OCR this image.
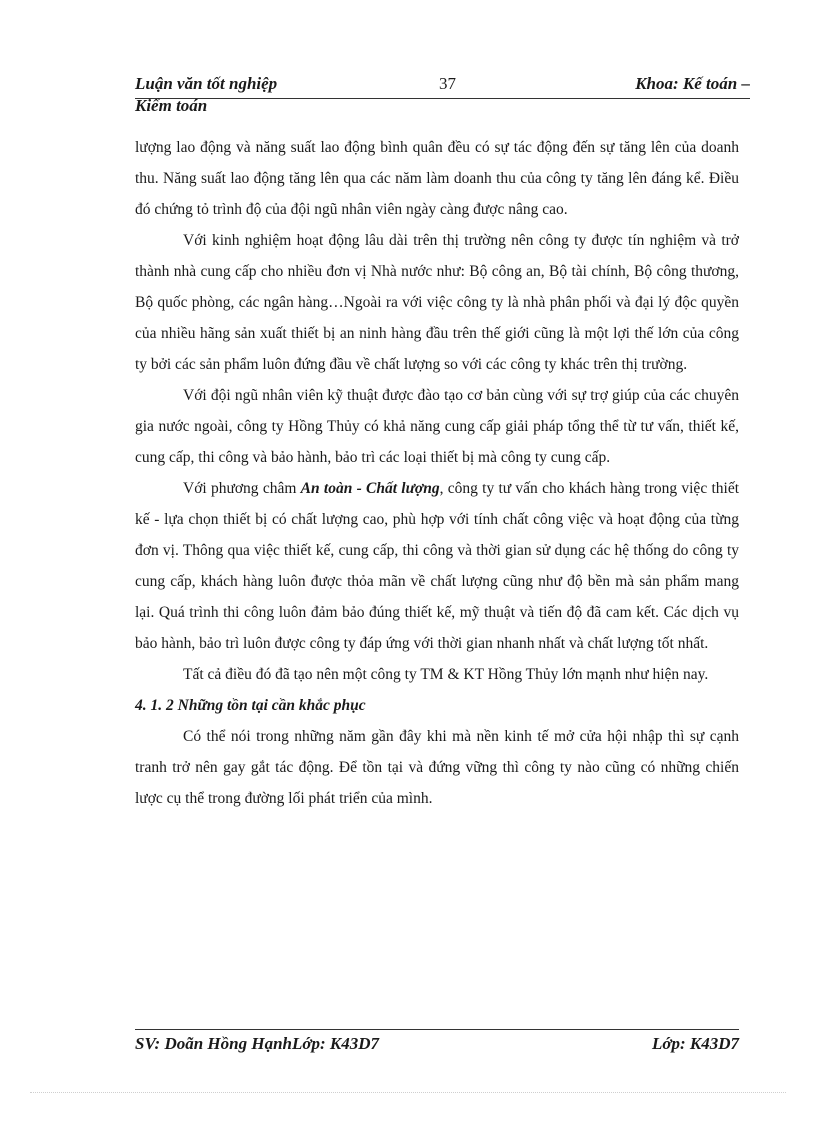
Luận văn tốt nghiệp	37	Khoa: Kế toán –
Kiểm toán

lượng lao động và năng suất lao động bình quân đều có sự tác động đến sự tăng lên của doanh thu. Năng suất lao động tăng lên qua các năm làm doanh thu của công ty tăng lên đáng kể. Điều đó chứng tỏ trình độ của đội ngũ nhân viên ngày càng được nâng cao.

Với kinh nghiệm hoạt động lâu dài trên thị trường nên công ty được tín nghiệm và trở thành nhà cung cấp cho nhiều đơn vị Nhà nước như: Bộ công an, Bộ tài chính, Bộ công thương, Bộ quốc phòng, các ngân hàng…Ngoài ra với việc công ty là nhà phân phối và đại lý độc quyền của nhiều hãng sản xuất thiết bị an ninh hàng đầu trên thế giới cũng là một lợi thế lớn của công ty bởi các sản phẩm luôn đứng đầu về chất lượng so với các công ty khác trên thị trường.

Với đội ngũ nhân viên kỹ thuật được đào tạo cơ bản cùng với sự trợ giúp của các chuyên gia nước ngoài, công ty Hồng Thủy có khả năng cung cấp giải pháp tổng thể từ tư vấn, thiết kế, cung cấp, thi công và bảo hành, bảo trì các loại thiết bị mà công ty cung cấp.

Với phương châm An toàn - Chất lượng, công ty tư vấn cho khách hàng trong việc thiết kế - lựa chọn thiết bị có chất lượng cao, phù hợp với tính chất công việc và hoạt động của từng đơn vị. Thông qua việc thiết kế, cung cấp, thi công và thời gian sử dụng các hệ thống do công ty cung cấp, khách hàng luôn được thỏa mãn về chất lượng cũng như độ bền mà sản phẩm mang lại. Quá trình thi công luôn đảm bảo đúng thiết kế, mỹ thuật và tiến độ đã cam kết. Các dịch vụ bảo hành, bảo trì luôn được công ty đáp ứng với thời gian nhanh nhất và chất lượng tốt nhất.

Tất cả điều đó đã tạo nên một công ty TM & KT Hồng Thủy lớn mạnh như hiện nay.

4. 1. 2 Những tồn tại cần khắc phục

Có thể nói trong những năm gần đây khi mà nền kinh tế mở cửa hội nhập thì sự cạnh tranh trở nên gay gắt tác động. Để tồn tại và đứng vững thì công ty nào cũng có những chiến lược cụ thể trong đường lối phát triển của mình.

SV: Doãn Hồng HạnhLớp: K43D7	Lớp: K43D7
